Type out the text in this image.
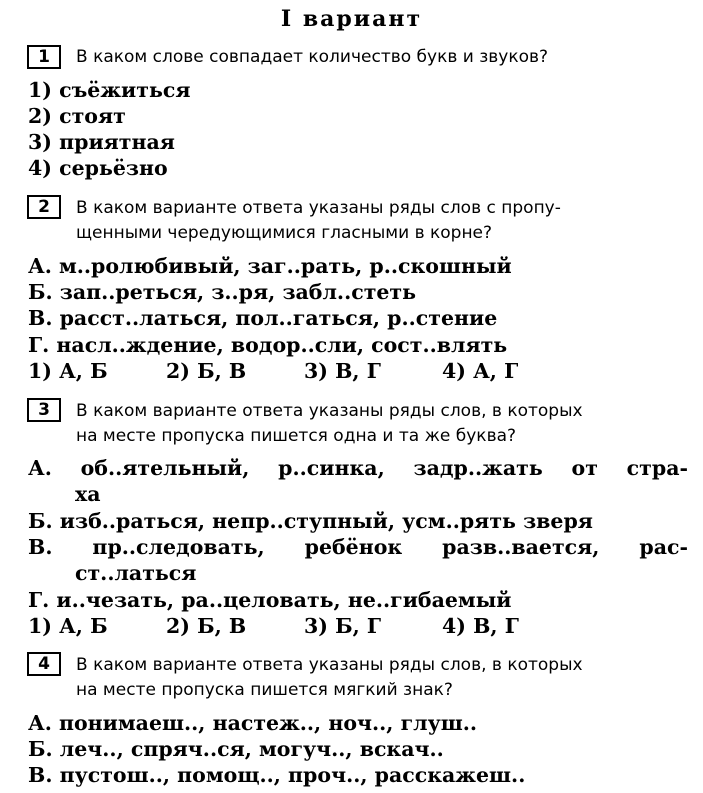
I вариант
1	В каком слове совпадает количество букв и звуков?
1) съёжиться
2) стоят
3) приятная
4) серьёзно
2	В каком варианте ответа указаны ряды слов с пропу-
щенными чередующимися гласными в корне?
А. м..ролюбивый, заг..рать, р..скошный
Б. зап..реться, з..ря, забл..стеть
В. расст..латься, пол..гаться, р..стение
Г. насл..ждение, водор..сли, сост..влять
1) А, Б	2) Б, В	3) В, Г	4) А, Г
3	В каком варианте ответа указаны ряды слов, в которых
на месте пропуска пишется одна и та же буква?
А. об..ятельный, р..синка, задр..жать от стра-
ха
Б. изб..раться, непр..ступный, усм..рять зверя
В. пр..следовать, ребёнок разв..вается, рас-
ст..латься
Г. и..чезать, ра..целовать, не..гибаемый
1) А, Б	2) Б, В	3) Б, Г	4) В, Г
4	В каком варианте ответа указаны ряды слов, в которых
на месте пропуска пишется мягкий знак?
А. понимаеш.., настеж.., ноч.., глуш..
Б. леч.., спряч..ся, могуч.., вскач..
В. пустош.., помощ.., проч.., расскажеш..
